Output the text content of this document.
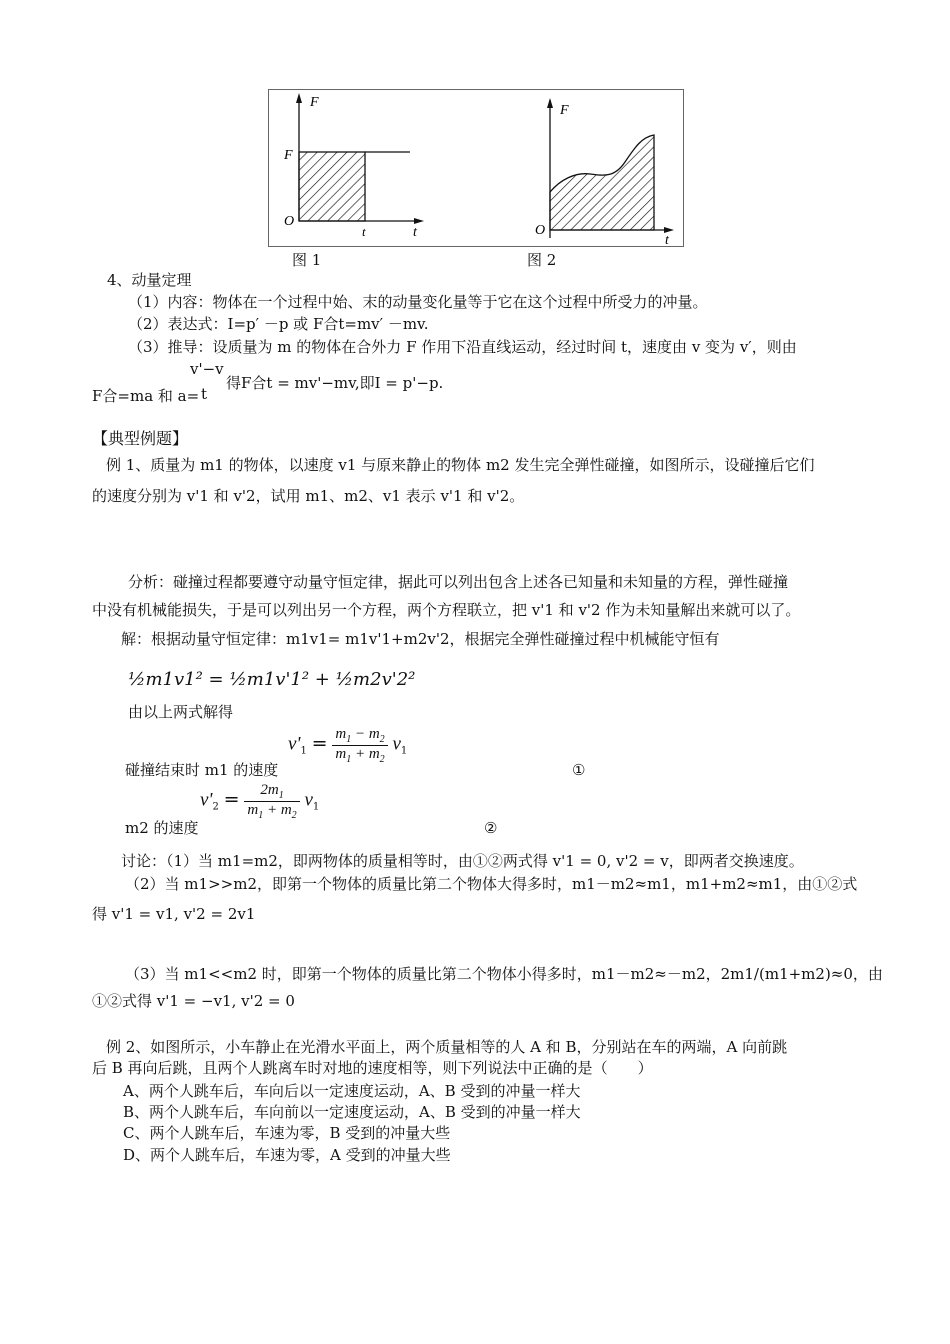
F
F
O
t	t
F
O
t
图 1	图 2
4、动量定理
（1）内容：物体在一个过程中始、末的动量变化量等于它在这个过程中所受力的冲量。
（2）表达式：I=p′ －p 或 F合t=mv′ －mv.
（3）推导：设质量为 m 的物体在合外力 F 作用下沿直线运动，经过时间 t，速度由 v 变为 v′，则由
F合=ma 和 a=
v'−v
t
得F合t = mv'−mv,即I = p'−p.
【典型例题】
例 1、质量为 m1 的物体，以速度 v1 与原来静止的物体 m2 发生完全弹性碰撞，如图所示，设碰撞后它们
的速度分别为 v'1 和 v'2，试用 m1、m2、v1 表示 v'1 和 v'2。
分析：碰撞过程都要遵守动量守恒定律，据此可以列出包含上述各已知量和未知量的方程，弹性碰撞
中没有机械能损失，于是可以列出另一个方程，两个方程联立，把 v'1 和 v'2 作为未知量解出来就可以了。
解：根据动量守恒定律：m1v1= m1v'1+m2v'2，根据完全弹性碰撞过程中机械能守恒有
½m1v1² = ½m1v'1² + ½m2v'2²
由以上两式解得
$v'_1 = \frac{m_1 - m_2}{m_1 + m_2} v_1$
碰撞结束时 m1 的速度	①
$v'_2 = \frac{2m_1}{m_1 + m_2} v_1$
m2 的速度	②
讨论：（1）当 m1=m2，即两物体的质量相等时，由①②两式得 v'1 = 0, v'2 = v，即两者交换速度。
（2）当 m1>>m2，即第一个物体的质量比第二个物体大得多时，m1－m2≈m1，m1+m2≈m1，由①②式
得 v'1 = v1, v'2 = 2v1
（3）当 m1<<m2 时，即第一个物体的质量比第二个物体小得多时，m1－m2≈－m2，2m1/(m1+m2)≈0，由
①②式得 v'1 = −v1, v'2 = 0
例 2、如图所示，小车静止在光滑水平面上，两个质量相等的人 A 和 B，分别站在车的两端，A 向前跳
后 B 再向后跳，且两个人跳离车时对地的速度相等，则下列说法中正确的是（　　）
A、两个人跳车后，车向后以一定速度运动，A、B 受到的冲量一样大
B、两个人跳车后，车向前以一定速度运动，A、B 受到的冲量一样大
C、两个人跳车后，车速为零，B 受到的冲量大些
D、两个人跳车后，车速为零，A 受到的冲量大些
